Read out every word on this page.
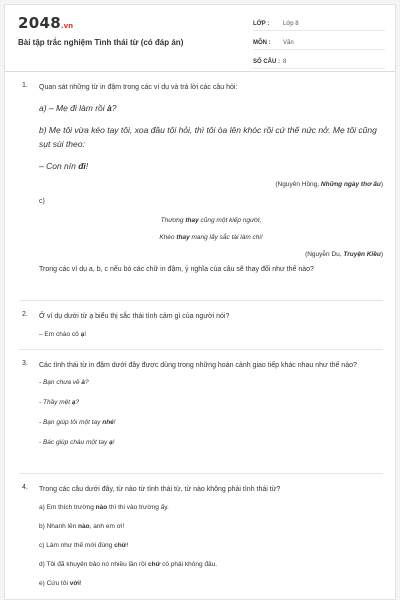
2048.vn
Bài tập trắc nghiệm Tình thái từ (có đáp án)
LỚP :	Lớp 8
MÔN :	Văn
SỐ CÂU : 8
1. Quan sát những từ in đậm trong các ví dụ và trả lời các câu hỏi:
a) – Mẹ đi làm rồi à?
b) Mẹ tôi vừa kéo tay tôi, xoa đầu tôi hỏi, thì tôi òa lên khóc rồi cứ thế nức nở. Mẹ tôi cũng sụt sùi theo:
– Con nín đi!
(Nguyên Hồng, Những ngày thơ ấu)
c)
Thương thay cũng một kiếp người,
Khéo thay mang lấy sắc tài làm chi!
(Nguyễn Du, Truyện Kiều)
Trong các ví dụ a, b, c nếu bỏ các chữ in đậm, ý nghĩa của câu sẽ thay đổi như thế nào?
2. Ở ví dụ dưới từ ạ biểu thị sắc thái tình cảm gì của người nói?
– Em chào cô ạ!
3. Các tình thái từ in đậm dưới đây được dùng trong những hoàn cảnh giao tiếp khác nhau như thế nào?
- Bạn chưa về à?
- Thầy mệt ạ?
- Bạn giúp tôi một tay nhé!
- Bác giúp cháu một tay ạ!
4. Trong các câu dưới đây, từ nào từ tình thái từ, từ nào không phải tình thái từ?
a) Em thích trường nào thì thi vào trường ấy.
b) Nhanh lên nào, anh em ơi!
c) Làm như thế mới đúng chứ!
d) Tôi đã khuyên bảo nó nhiều lần rồi chứ có phải không đâu.
e) Cứu tôi với!
